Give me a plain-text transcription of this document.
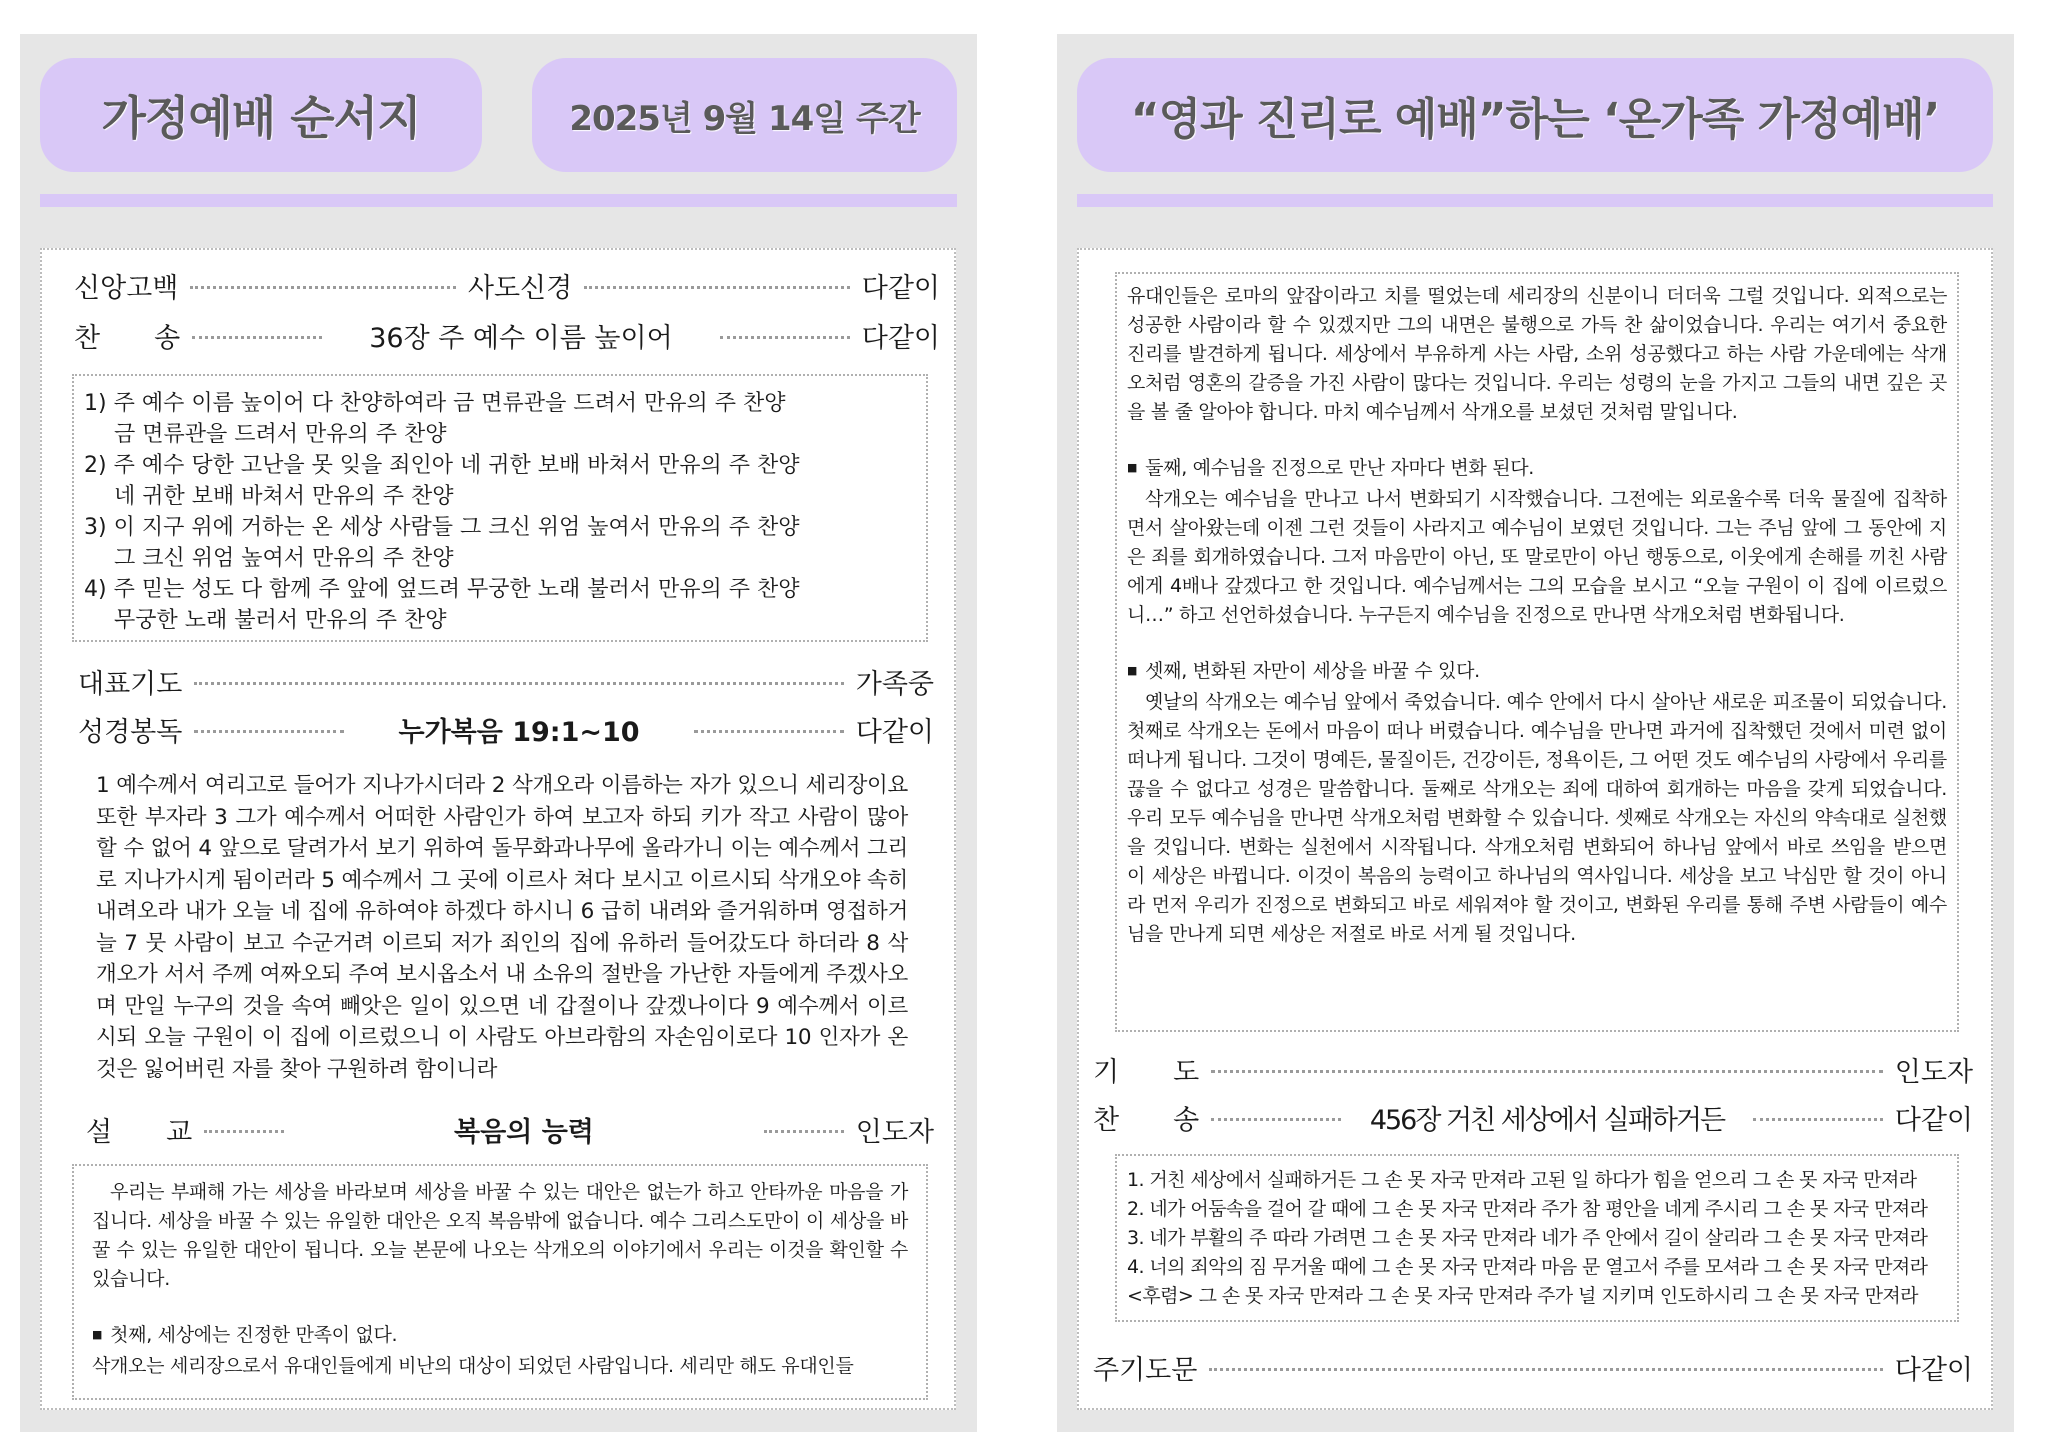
가정예배 순서지	2025년 9월 14일 주간
신앙고백	사도신경	다같이
찬　　송	36장 주 예수 이름 높이어	다같이
1) 주 예수 이름 높이어 다 찬양하여라 금 면류관을 드려서 만유의 주 찬양
금 면류관을 드려서 만유의 주 찬양
2) 주 예수 당한 고난을 못 잊을 죄인아 네 귀한 보배 바쳐서 만유의 주 찬양
네 귀한 보배 바쳐서 만유의 주 찬양
3) 이 지구 위에 거하는 온 세상 사람들 그 크신 위엄 높여서 만유의 주 찬양
그 크신 위엄 높여서 만유의 주 찬양
4) 주 믿는 성도 다 함께 주 앞에 엎드려 무궁한 노래 불러서 만유의 주 찬양
무궁한 노래 불러서 만유의 주 찬양
대표기도	가족중
성경봉독	누가복음 19:1~10	다같이
1 예수께서 여리고로 들어가 지나가시더라 2 삭개오라 이름하는 자가 있으니 세리장이요 또한 부자라 3 그가 예수께서 어떠한 사람인가 하여 보고자 하되 키가 작고 사람이 많아 할 수 없어 4 앞으로 달려가서 보기 위하여 돌무화과나무에 올라가니 이는 예수께서 그리로 지나가시게 됨이러라 5 예수께서 그 곳에 이르사 쳐다 보시고 이르시되 삭개오야 속히 내려오라 내가 오늘 네 집에 유하여야 하겠다 하시니 6 급히 내려와 즐거워하며 영접하거늘 7 뭇 사람이 보고 수군거려 이르되 저가 죄인의 집에 유하러 들어갔도다 하더라 8 삭개오가 서서 주께 여짜오되 주여 보시옵소서 내 소유의 절반을 가난한 자들에게 주겠사오며 만일 누구의 것을 속여 빼앗은 일이 있으면 네 갑절이나 갚겠나이다 9 예수께서 이르시되 오늘 구원이 이 집에 이르렀으니 이 사람도 아브라함의 자손임이로다 10 인자가 온 것은 잃어버린 자를 찾아 구원하려 함이니라
설　　교	복음의 능력	인도자
우리는 부패해 가는 세상을 바라보며 세상을 바꿀 수 있는 대안은 없는가 하고 안타까운 마음을 가집니다. 세상을 바꿀 수 있는 유일한 대안은 오직 복음밖에 없습니다. 예수 그리스도만이 이 세상을 바꿀 수 있는 유일한 대안이 됩니다. 오늘 본문에 나오는 삭개오의 이야기에서 우리는 이것을 확인할 수 있습니다.
■ 첫째, 세상에는 진정한 만족이 없다.
삭개오는 세리장으로서 유대인들에게 비난의 대상이 되었던 사람입니다. 세리만 해도 유대인들
“영과 진리로 예배”하는 ‘온가족 가정예배’
유대인들은 로마의 앞잡이라고 치를 떨었는데 세리장의 신분이니 더더욱 그럴 것입니다. 외적으로는 성공한 사람이라 할 수 있겠지만 그의 내면은 불행으로 가득 찬 삶이었습니다. 우리는 여기서 중요한 진리를 발견하게 됩니다. 세상에서 부유하게 사는 사람, 소위 성공했다고 하는 사람 가운데에는 삭개오처럼 영혼의 갈증을 가진 사람이 많다는 것입니다. 우리는 성령의 눈을 가지고 그들의 내면 깊은 곳을 볼 줄 알아야 합니다. 마치 예수님께서 삭개오를 보셨던 것처럼 말입니다.
■ 둘째, 예수님을 진정으로 만난 자마다 변화 된다.
삭개오는 예수님을 만나고 나서 변화되기 시작했습니다. 그전에는 외로울수록 더욱 물질에 집착하면서 살아왔는데 이젠 그런 것들이 사라지고 예수님이 보였던 것입니다. 그는 주님 앞에 그 동안에 지은 죄를 회개하였습니다. 그저 마음만이 아닌, 또 말로만이 아닌 행동으로, 이웃에게 손해를 끼친 사람에게 4배나 갚겠다고 한 것입니다. 예수님께서는 그의 모습을 보시고 “오늘 구원이 이 집에 이르렀으니…” 하고 선언하셨습니다. 누구든지 예수님을 진정으로 만나면 삭개오처럼 변화됩니다.
■ 셋째, 변화된 자만이 세상을 바꿀 수 있다.
옛날의 삭개오는 예수님 앞에서 죽었습니다. 예수 안에서 다시 살아난 새로운 피조물이 되었습니다. 첫째로 삭개오는 돈에서 마음이 떠나 버렸습니다. 예수님을 만나면 과거에 집착했던 것에서 미련 없이 떠나게 됩니다. 그것이 명예든, 물질이든, 건강이든, 정욕이든, 그 어떤 것도 예수님의 사랑에서 우리를 끊을 수 없다고 성경은 말씀합니다. 둘째로 삭개오는 죄에 대하여 회개하는 마음을 갖게 되었습니다. 우리 모두 예수님을 만나면 삭개오처럼 변화할 수 있습니다. 셋째로 삭개오는 자신의 약속대로 실천했을 것입니다. 변화는 실천에서 시작됩니다. 삭개오처럼 변화되어 하나님 앞에서 바로 쓰임을 받으면 이 세상은 바뀝니다. 이것이 복음의 능력이고 하나님의 역사입니다. 세상을 보고 낙심만 할 것이 아니라 먼저 우리가 진정으로 변화되고 바로 세워져야 할 것이고, 변화된 우리를 통해 주변 사람들이 예수님을 만나게 되면 세상은 저절로 바로 서게 될 것입니다.
기　　도	인도자
찬　　송	456장 거친 세상에서 실패하거든	다같이
1. 거친 세상에서 실패하거든 그 손 못 자국 만져라 고된 일 하다가 힘을 얻으리 그 손 못 자국 만져라
2. 네가 어둠속을 걸어 갈 때에 그 손 못 자국 만져라 주가 참 평안을 네게 주시리 그 손 못 자국 만져라
3. 네가 부활의 주 따라 가려면 그 손 못 자국 만져라 네가 주 안에서 길이 살리라 그 손 못 자국 만져라
4. 너의 죄악의 짐 무거울 때에 그 손 못 자국 만져라 마음 문 열고서 주를 모셔라 그 손 못 자국 만져라
<후렴> 그 손 못 자국 만져라 그 손 못 자국 만져라 주가 널 지키며 인도하시리 그 손 못 자국 만져라
주기도문	다같이
